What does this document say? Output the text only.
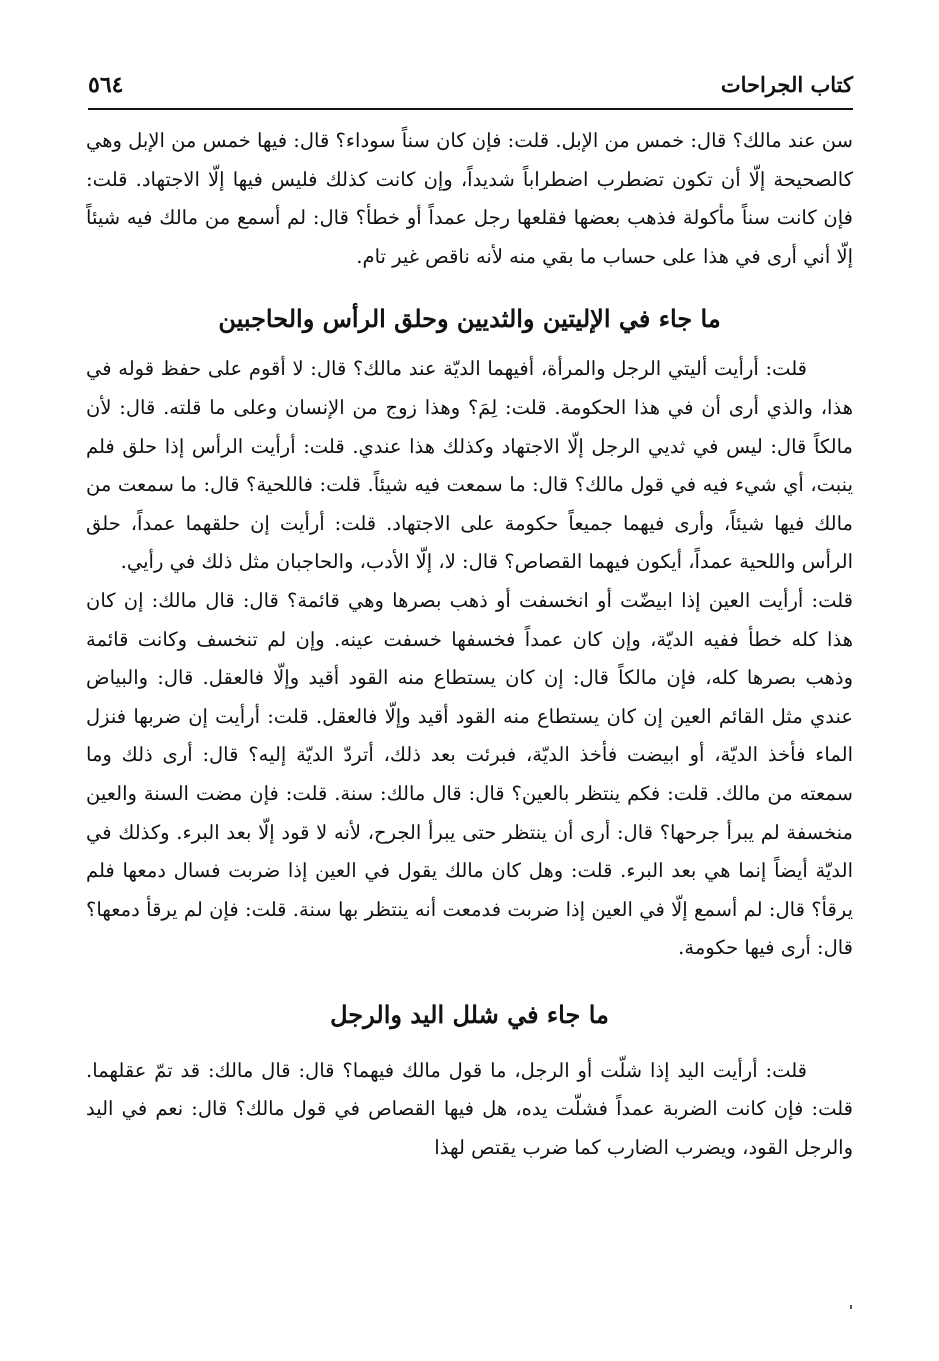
كتاب الجراحات
٥٦٤

سن عند مالك؟ قال: خمس من الإبل. قلت: فإن كان سناً سوداء؟ قال: فيها خمس من الإبل وهي كالصحيحة إلّا أن تكون تضطرب اضطراباً شديداً، وإن كانت كذلك فليس فيها إلّا الاجتهاد. قلت: فإن كانت سناً مأكولة فذهب بعضها فقلعها رجل عمداً أو خطأ؟ قال: لم أسمع من مالك فيه شيئاً إلّا أني أرى في هذا على حساب ما بقي منه لأنه ناقص غير تام.

ما جاء في الإليتين والثديين وحلق الرأس والحاجبين

قلت: أرأيت أليتي الرجل والمرأة، أفيهما الديّة عند مالك؟ قال: لا أقوم على حفظ قوله في هذا، والذي أرى أن في هذا الحكومة. قلت: لِمَ؟ وهذا زوج من الإنسان وعلى ما قلته. قال: لأن مالكاً قال: ليس في ثديي الرجل إلّا الاجتهاد وكذلك هذا عندي. قلت: أرأيت الرأس إذا حلق فلم ينبت، أي شيء فيه في قول مالك؟ قال: ما سمعت فيه شيئاً. قلت: فاللحية؟ قال: ما سمعت من مالك فيها شيئاً، وأرى فيهما جميعاً حكومة على الاجتهاد. قلت: أرأيت إن حلقهما عمداً، حلق الرأس واللحية عمداً، أيكون فيهما القصاص؟ قال: لا، إلّا الأدب، والحاجبان مثل ذلك في رأيي.

قلت: أرأيت العين إذا ابيضّت أو انخسفت أو ذهب بصرها وهي قائمة؟ قال: قال مالك: إن كان هذا كله خطأ ففيه الديّة، وإن كان عمداً فخسفها خسفت عينه. وإن لم تنخسف وكانت قائمة وذهب بصرها كله، فإن مالكاً قال: إن كان يستطاع منه القود أقيد وإلّا فالعقل. قال: والبياض عندي مثل القائم العين إن كان يستطاع منه القود أقيد وإلّا فالعقل. قلت: أرأيت إن ضربها فنزل الماء فأخذ الديّة، أو ابيضت فأخذ الديّة، فبرئت بعد ذلك، أتردّ الديّة إليه؟ قال: أرى ذلك وما سمعته من مالك. قلت: فكم ينتظر بالعين؟ قال: قال مالك: سنة. قلت: فإن مضت السنة والعين منخسفة لم يبرأ جرحها؟ قال: أرى أن ينتظر حتى يبرأ الجرح، لأنه لا قود إلّا بعد البرء. وكذلك في الديّة أيضاً إنما هي بعد البرء. قلت: وهل كان مالك يقول في العين إذا ضربت فسال دمعها فلم يرقأ؟ قال: لم أسمع إلّا في العين إذا ضربت فدمعت أنه ينتظر بها سنة. قلت: فإن لم يرقأ دمعها؟ قال: أرى فيها حكومة.

ما جاء في شلل اليد والرجل

قلت: أرأيت اليد إذا شلّت أو الرجل، ما قول مالك فيهما؟ قال: قال مالك: قد تمّ عقلهما. قلت: فإن كانت الضربة عمداً فشلّت يده، هل فيها القصاص في قول مالك؟ قال: نعم في اليد والرجل القود، ويضرب الضارب كما ضرب يقتص لهذا
